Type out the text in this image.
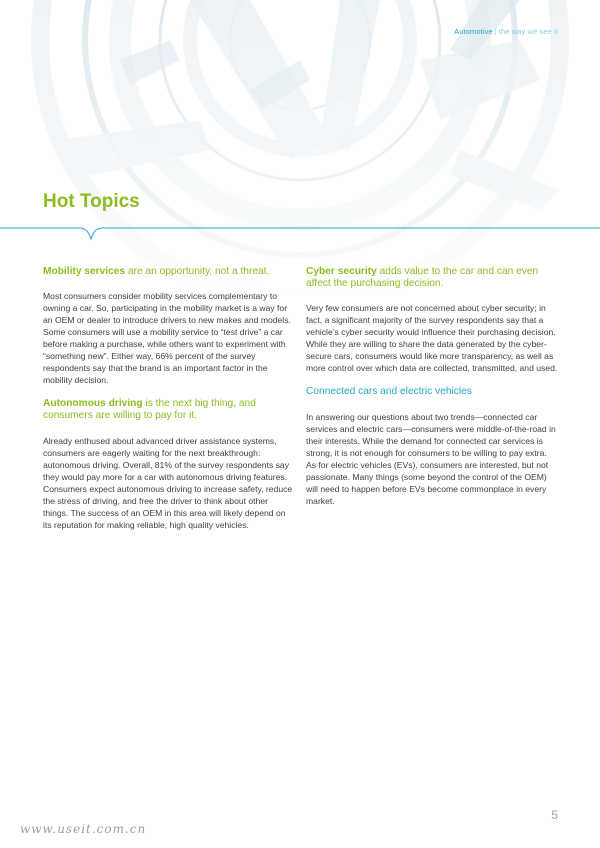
Automotive | the way we see it
Hot Topics

Mobility services are an opportunity, not a threat.

Most consumers consider mobility services complementary to owning a car. So, participating in the mobility market is a way for an OEM or dealer to introduce drivers to new makes and models. Some consumers will use a mobility service to “test drive” a car before making a purchase, while others want to experiment with “something new”. Either way, 66% percent of the survey respondents say that the brand is an important factor in the mobility decision.

Autonomous driving is the next big thing, and consumers are willing to pay for it.

Already enthused about advanced driver assistance systems, consumers are eagerly waiting for the next breakthrough: autonomous driving. Overall, 81% of the survey respondents say they would pay more for a car with autonomous driving features. Consumers expect autonomous driving to increase safety, reduce the stress of driving, and free the driver to think about other things. The success of an OEM in this area will likely depend on its reputation for making reliable, high quality vehicles.

Cyber security adds value to the car and can even affect the purchasing decision.

Very few consumers are not concerned about cyber security; in fact, a significant majority of the survey respondents say that a vehicle’s cyber security would influence their purchasing decision. While they are willing to share the data generated by the cyber-secure cars, consumers would like more transparency, as well as more control over which data are collected, transmitted, and used.

Connected cars and electric vehicles

In answering our questions about two trends—connected car services and electric cars—consumers were middle-of-the-road in their interests. While the demand for connected car services is strong, it is not enough for consumers to be willing to pay extra. As for electric vehicles (EVs), consumers are interested, but not passionate. Many things (some beyond the control of the OEM) will need to happen before EVs become commonplace in every market.

5
www.useit.com.cn
